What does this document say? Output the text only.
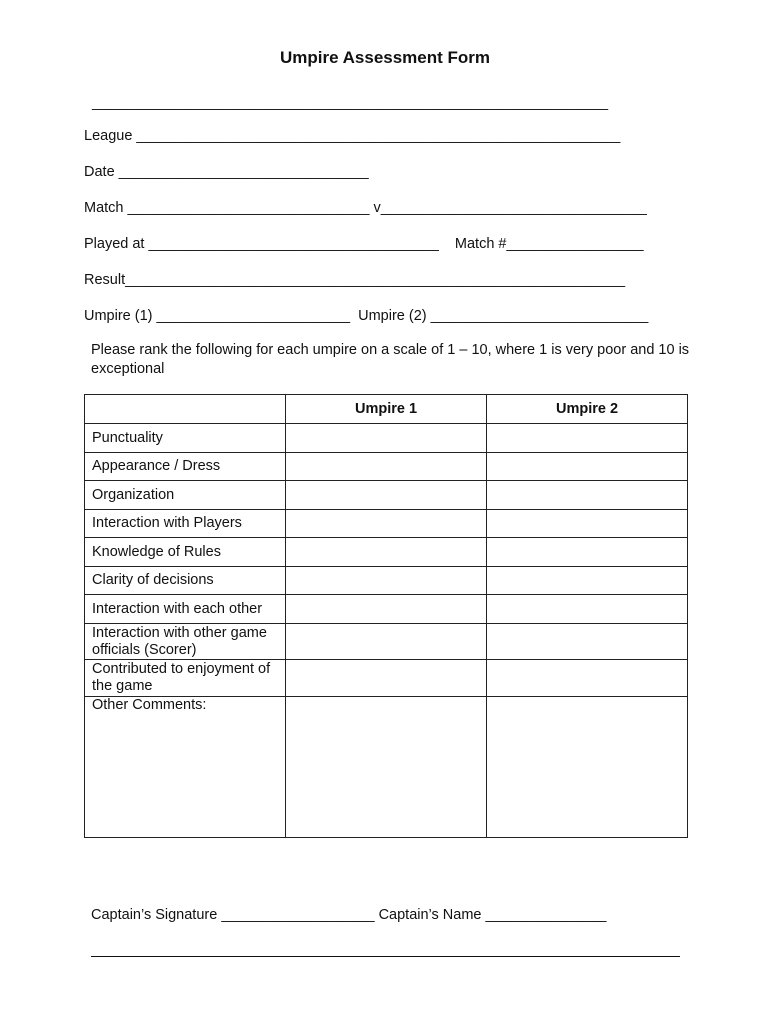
Umpire Assessment Form
________________________________________________________________
League ____________________________________________________________
Date _______________________________
Match ______________________________ v_________________________________
Played at ____________________________________    Match #_________________
Result______________________________________________________________
Umpire (1) ________________________  Umpire (2) ___________________________
Please rank the following for each umpire on a scale of 1 – 10, where 1 is very poor and 10 is exceptional
	Umpire 1	Umpire 2
Punctuality		
Appearance / Dress		
Organization		
Interaction with Players		
Knowledge of Rules		
Clarity of decisions		
Interaction with each other		
Interaction with other game officials (Scorer)		
Contributed to enjoyment of the game		
Other Comments:		
Captain’s Signature ___________________ Captain’s Name _______________
